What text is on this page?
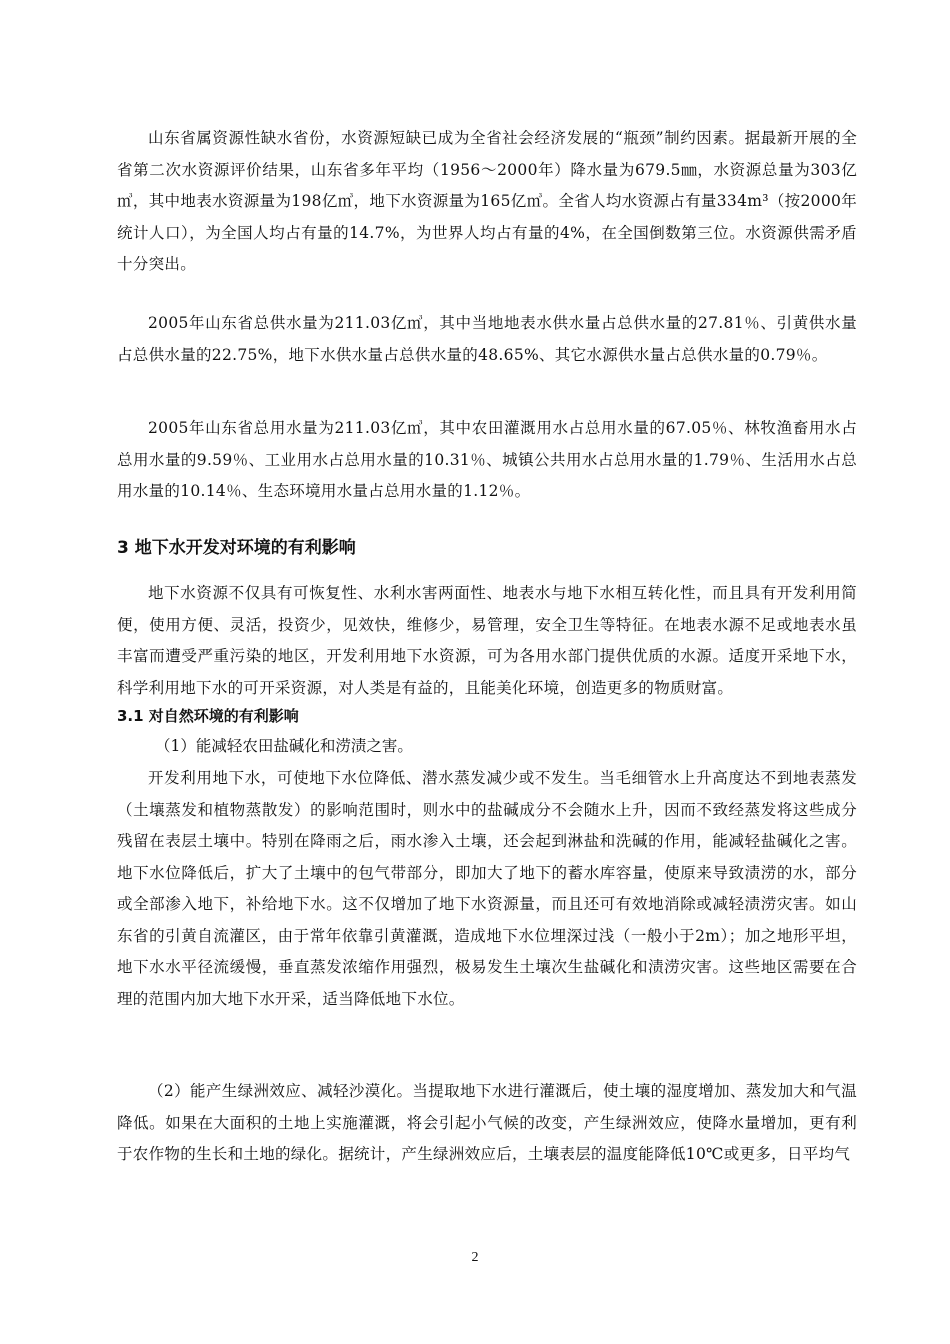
山东省属资源性缺水省份，水资源短缺已成为全省社会经济发展的“瓶颈”制约因素。据最新开展的全省第二次水资源评价结果，山东省多年平均（1956～2000年）降水量为679.5㎜，水资源总量为303亿㎥，其中地表水资源量为198亿㎥，地下水资源量为165亿㎥。全省人均水资源占有量334m³（按2000年统计人口），为全国人均占有量的14.7%，为世界人均占有量的4%，在全国倒数第三位。水资源供需矛盾十分突出。

2005年山东省总供水量为211.03亿㎥，其中当地地表水供水量占总供水量的27.81％、引黄供水量占总供水量的22.75%，地下水供水量占总供水量的48.65%、其它水源供水量占总供水量的0.79％。

2005年山东省总用水量为211.03亿㎥，其中农田灌溉用水占总用水量的67.05％、林牧渔畜用水占总用水量的9.59％、工业用水占总用水量的10.31％、城镇公共用水占总用水量的1.79％、生活用水占总用水量的10.14％、生态环境用水量占总用水量的1.12％。

3 地下水开发对环境的有利影响

地下水资源不仅具有可恢复性、水利水害两面性、地表水与地下水相互转化性，而且具有开发利用简便，使用方便、灵活，投资少，见效快，维修少，易管理，安全卫生等特征。在地表水源不足或地表水虽丰富而遭受严重污染的地区，开发利用地下水资源，可为各用水部门提供优质的水源。适度开采地下水，科学利用地下水的可开采资源，对人类是有益的，且能美化环境，创造更多的物质财富。

3.1 对自然环境的有利影响

（1）能减轻农田盐碱化和涝渍之害。

开发利用地下水，可使地下水位降低、潜水蒸发减少或不发生。当毛细管水上升高度达不到地表蒸发（土壤蒸发和植物蒸散发）的影响范围时，则水中的盐碱成分不会随水上升，因而不致经蒸发将这些成分残留在表层土壤中。特别在降雨之后，雨水渗入土壤，还会起到淋盐和洗碱的作用，能减轻盐碱化之害。地下水位降低后，扩大了土壤中的包气带部分，即加大了地下的蓄水库容量，使原来导致渍涝的水，部分或全部渗入地下，补给地下水。这不仅增加了地下水资源量，而且还可有效地消除或减轻渍涝灾害。如山东省的引黄自流灌区，由于常年依靠引黄灌溉，造成地下水位埋深过浅（一般小于2m）；加之地形平坦，地下水水平径流缓慢，垂直蒸发浓缩作用强烈，极易发生土壤次生盐碱化和渍涝灾害。这些地区需要在合理的范围内加大地下水开采，适当降低地下水位。

（2）能产生绿洲效应、减轻沙漠化。当提取地下水进行灌溉后，使土壤的湿度增加、蒸发加大和气温降低。如果在大面积的土地上实施灌溉，将会引起小气候的改变，产生绿洲效应，使降水量增加，更有利于农作物的生长和土地的绿化。据统计，产生绿洲效应后，土壤表层的温度能降低10℃或更多，日平均气

2
